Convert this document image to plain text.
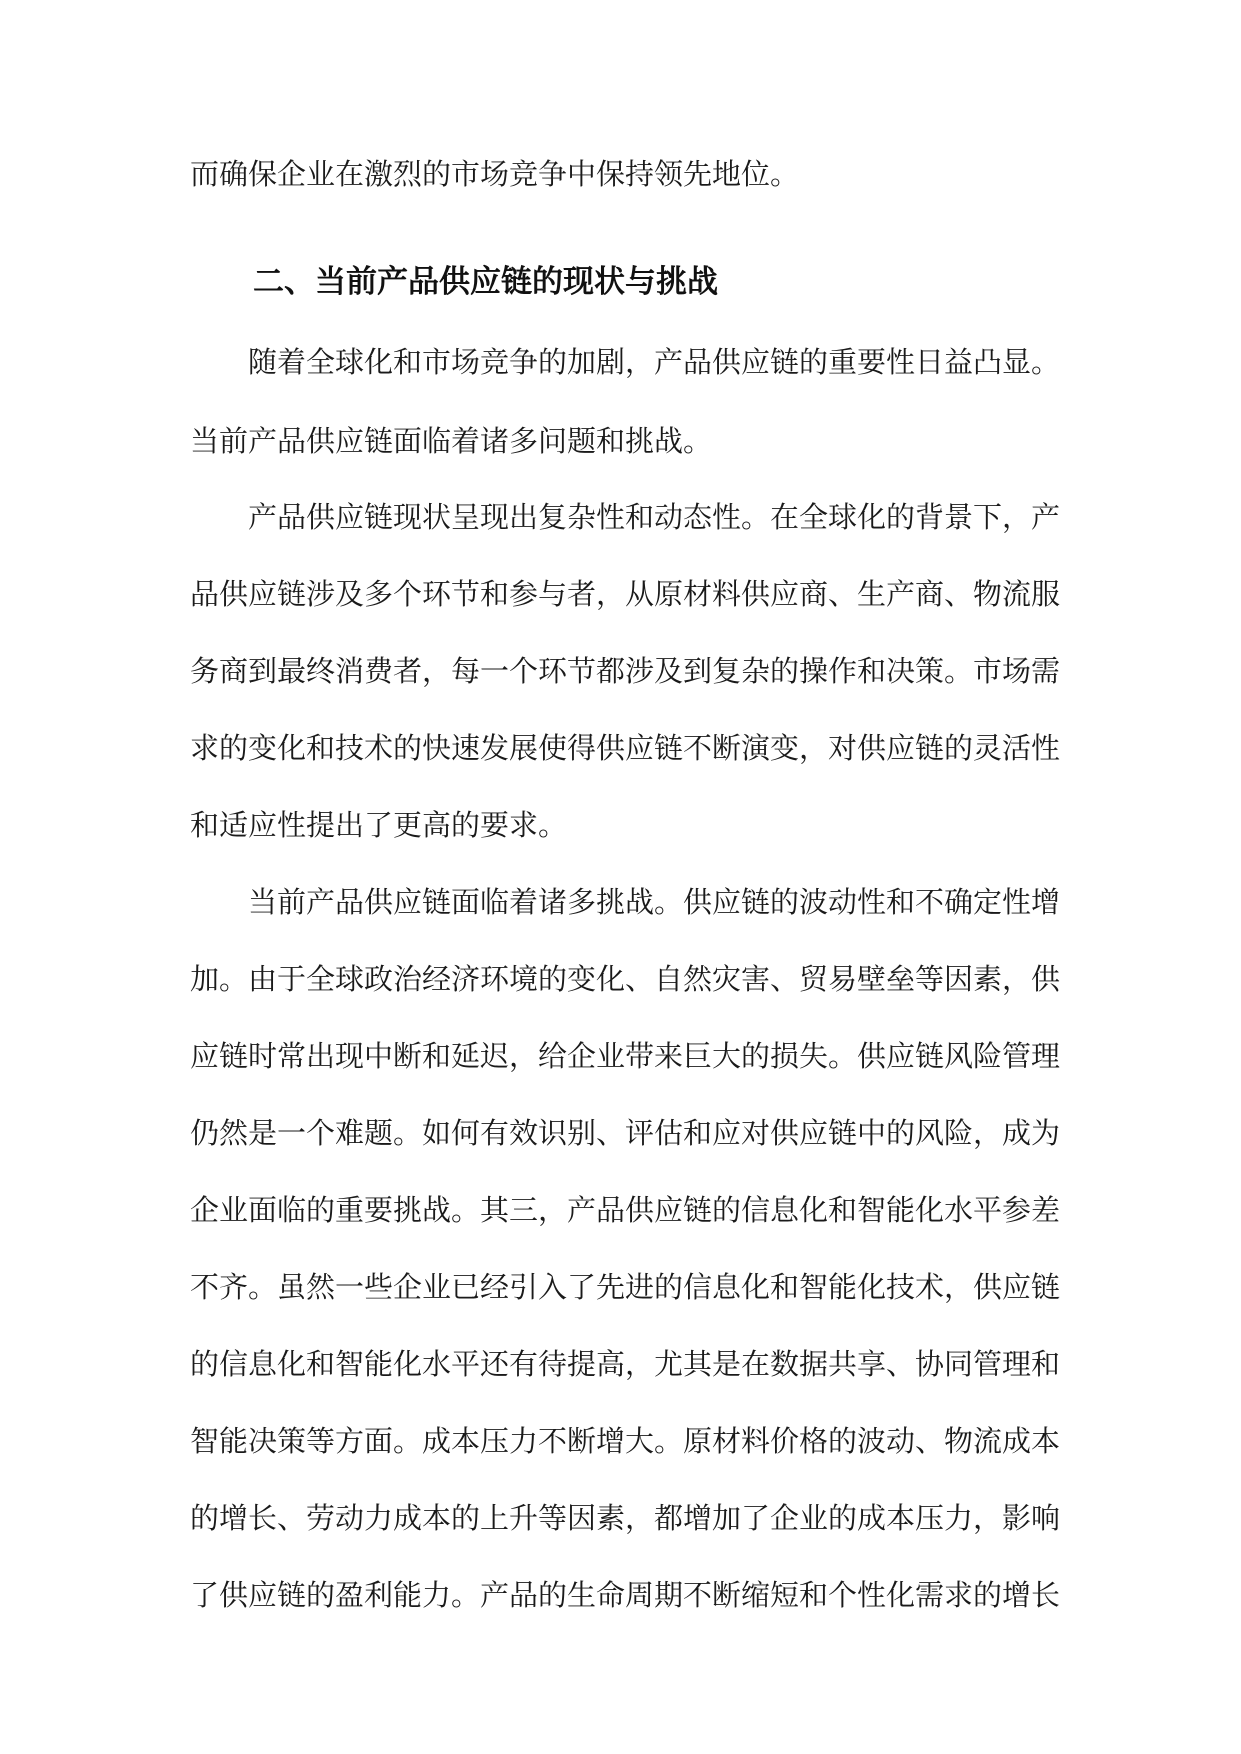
而确保企业在激烈的市场竞争中保持领先地位。
二、当前产品供应链的现状与挑战
随着全球化和市场竞争的加剧，产品供应链的重要性日益凸显。
当前产品供应链面临着诸多问题和挑战。
产品供应链现状呈现出复杂性和动态性。在全球化的背景下，产
品供应链涉及多个环节和参与者，从原材料供应商、生产商、物流服
务商到最终消费者，每一个环节都涉及到复杂的操作和决策。市场需
求的变化和技术的快速发展使得供应链不断演变，对供应链的灵活性
和适应性提出了更高的要求。
当前产品供应链面临着诸多挑战。供应链的波动性和不确定性增
加。由于全球政治经济环境的变化、自然灾害、贸易壁垒等因素，供
应链时常出现中断和延迟，给企业带来巨大的损失。供应链风险管理
仍然是一个难题。如何有效识别、评估和应对供应链中的风险，成为
企业面临的重要挑战。其三，产品供应链的信息化和智能化水平参差
不齐。虽然一些企业已经引入了先进的信息化和智能化技术，供应链
的信息化和智能化水平还有待提高，尤其是在数据共享、协同管理和
智能决策等方面。成本压力不断增大。原材料价格的波动、物流成本
的增长、劳动力成本的上升等因素，都增加了企业的成本压力，影响
了供应链的盈利能力。产品的生命周期不断缩短和个性化需求的增长
